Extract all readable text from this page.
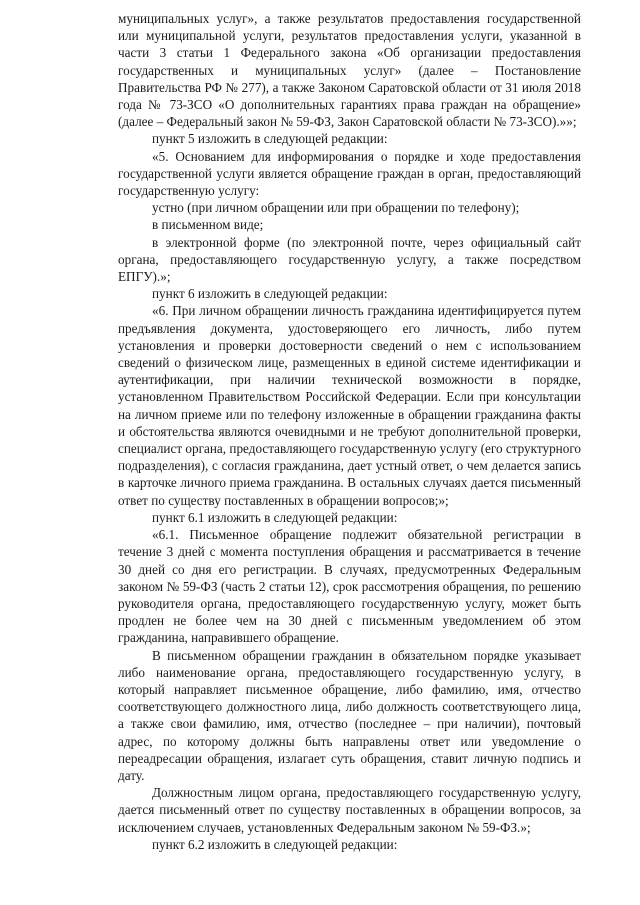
муниципальных услуг», а также результатов предоставления государственной или муниципальной услуги, результатов предоставления услуги, указанной в части 3 статьи 1 Федерального закона «Об организации предоставления государственных и муниципальных услуг» (далее – Постановление Правительства РФ № 277), а также Законом Саратовской области от 31 июля 2018 года № 73-ЗСО «О дополнительных гарантиях права граждан на обращение» (далее – Федеральный закон № 59-ФЗ, Закон Саратовской области № 73-ЗСО).»»;

пункт 5 изложить в следующей редакции:

«5. Основанием для информирования о порядке и ходе предоставления государственной услуги является обращение граждан в орган, предоставляющий государственную услугу:

устно (при личном обращении или при обращении по телефону);

в письменном виде;

в электронной форме (по электронной почте, через официальный сайт органа, предоставляющего государственную услугу, а также посредством ЕПГУ).»;

пункт 6 изложить в следующей редакции:

«6. При личном обращении личность гражданина идентифицируется путем предъявления документа, удостоверяющего его личность, либо путем установления и проверки достоверности сведений о нем с использованием сведений о физическом лице, размещенных в единой системе идентификации и аутентификации, при наличии технической возможности в порядке, установленном Правительством Российской Федерации. Если при консультации на личном приеме или по телефону изложенные в обращении гражданина факты и обстоятельства являются очевидными и не требуют дополнительной проверки, специалист органа, предоставляющего государственную услугу (его структурного подразделения), с согласия гражданина, дает устный ответ, о чем делается запись в карточке личного приема гражданина. В остальных случаях дается письменный ответ по существу поставленных в обращении вопросов;»;

пункт 6.1 изложить в следующей редакции:

«6.1. Письменное обращение подлежит обязательной регистрации в течение 3 дней с момента поступления обращения и рассматривается в течение 30 дней со дня его регистрации. В случаях, предусмотренных Федеральным законом № 59-ФЗ (часть 2 статьи 12), срок рассмотрения обращения, по решению руководителя органа, предоставляющего государственную услугу, может быть продлен не более чем на 30 дней с письменным уведомлением об этом гражданина, направившего обращение.

В письменном обращении гражданин в обязательном порядке указывает либо наименование органа, предоставляющего государственную услугу, в который направляет письменное обращение, либо фамилию, имя, отчество соответствующего должностного лица, либо должность соответствующего лица, а также свои фамилию, имя, отчество (последнее – при наличии), почтовый адрес, по которому должны быть направлены ответ или уведомление о переадресации обращения, излагает суть обращения, ставит личную подпись и дату.

Должностным лицом органа, предоставляющего государственную услугу, дается письменный ответ по существу поставленных в обращении вопросов, за исключением случаев, установленных Федеральным законом № 59-ФЗ.»;

пункт 6.2 изложить в следующей редакции:
